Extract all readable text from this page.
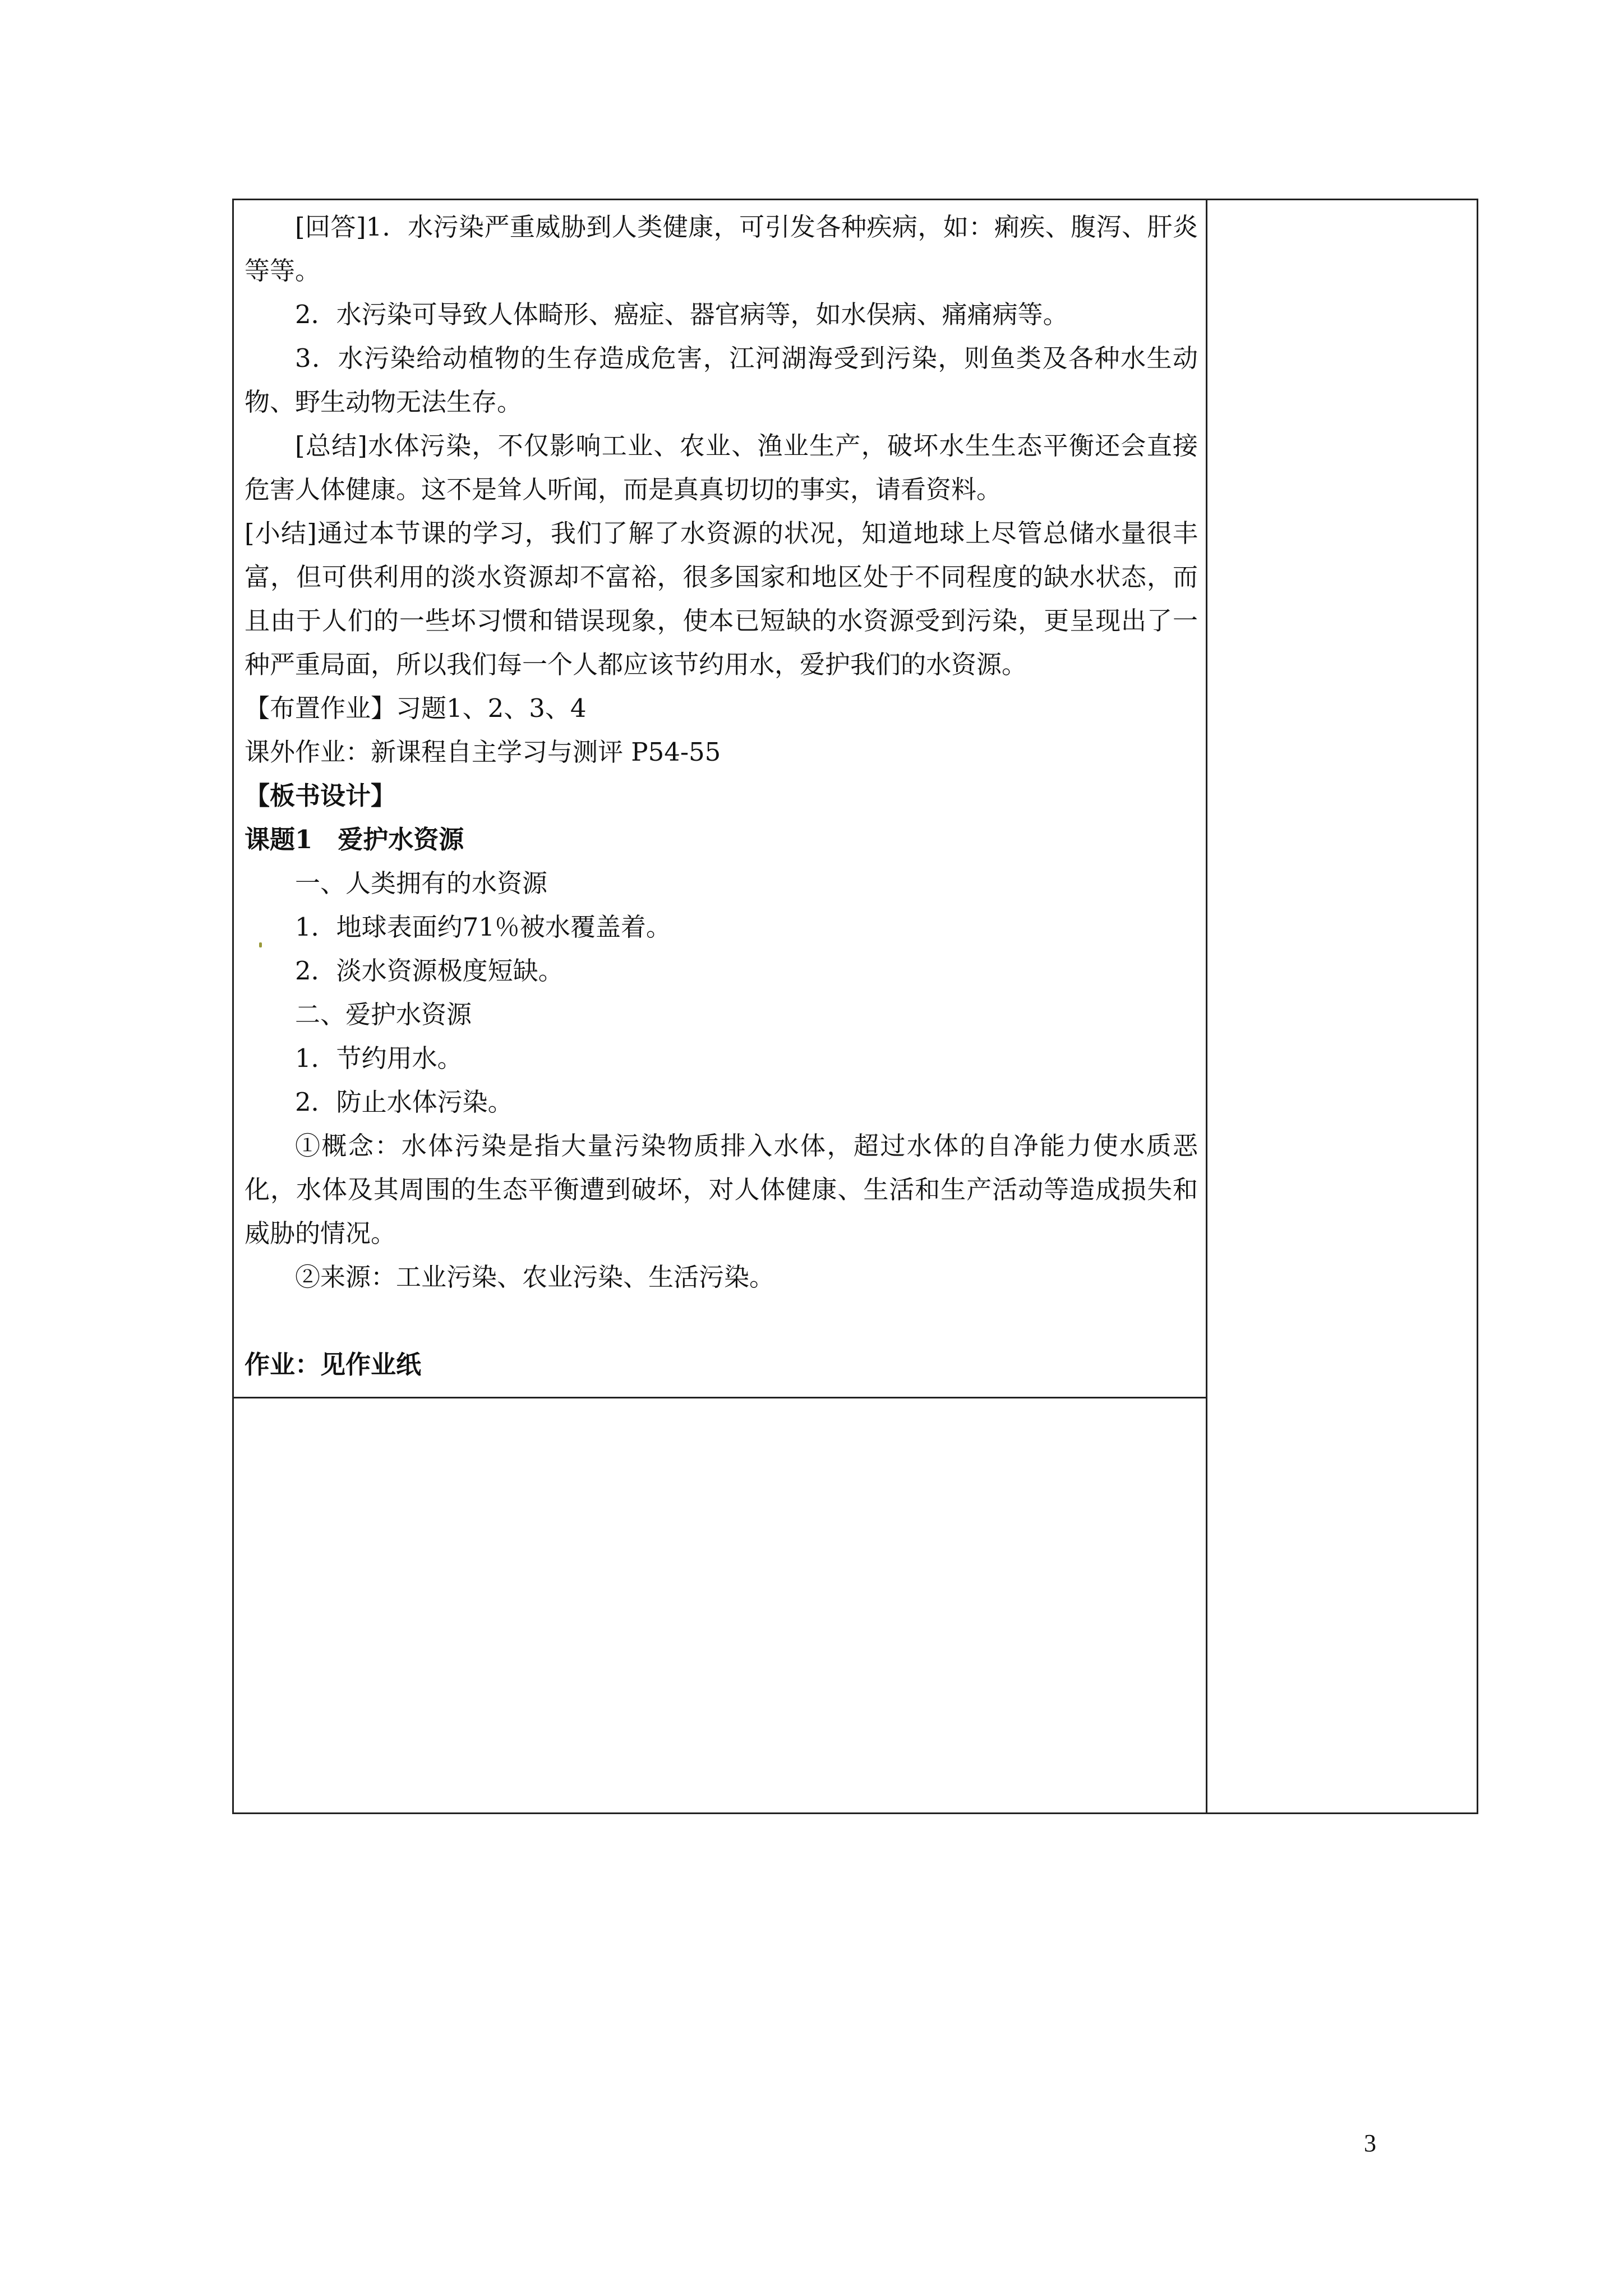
[回答]1．水污染严重威胁到人类健康，可引发各种疾病，如：痢疾、腹泻、肝炎等等。

2．水污染可导致人体畸形、癌症、器官病等，如水俣病、痛痛病等。

3．水污染给动植物的生存造成危害，江河湖海受到污染，则鱼类及各种水生动物、野生动物无法生存。

[总结]水体污染，不仅影响工业、农业、渔业生产，破坏水生生态平衡还会直接危害人体健康。这不是耸人听闻，而是真真切切的事实，请看资料。

[小结]通过本节课的学习，我们了解了水资源的状况，知道地球上尽管总储水量很丰富，但可供利用的淡水资源却不富裕，很多国家和地区处于不同程度的缺水状态，而且由于人们的一些坏习惯和错误现象，使本已短缺的水资源受到污染，更呈现出了一种严重局面，所以我们每一个人都应该节约用水，爱护我们的水资源。

【布置作业】习题1、2、3、4

课外作业：新课程自主学习与测评 P54-55

【板书设计】

课题1　爱护水资源

一、人类拥有的水资源

1．地球表面约71％被水覆盖着。

2．淡水资源极度短缺。

二、爱护水资源

1．节约用水。

2．防止水体污染。

①概念：水体污染是指大量污染物质排入水体，超过水体的自净能力使水质恶化，水体及其周围的生态平衡遭到破坏，对人体健康、生活和生产活动等造成损失和威胁的情况。

②来源：工业污染、农业污染、生活污染。

作业：见作业纸

3
